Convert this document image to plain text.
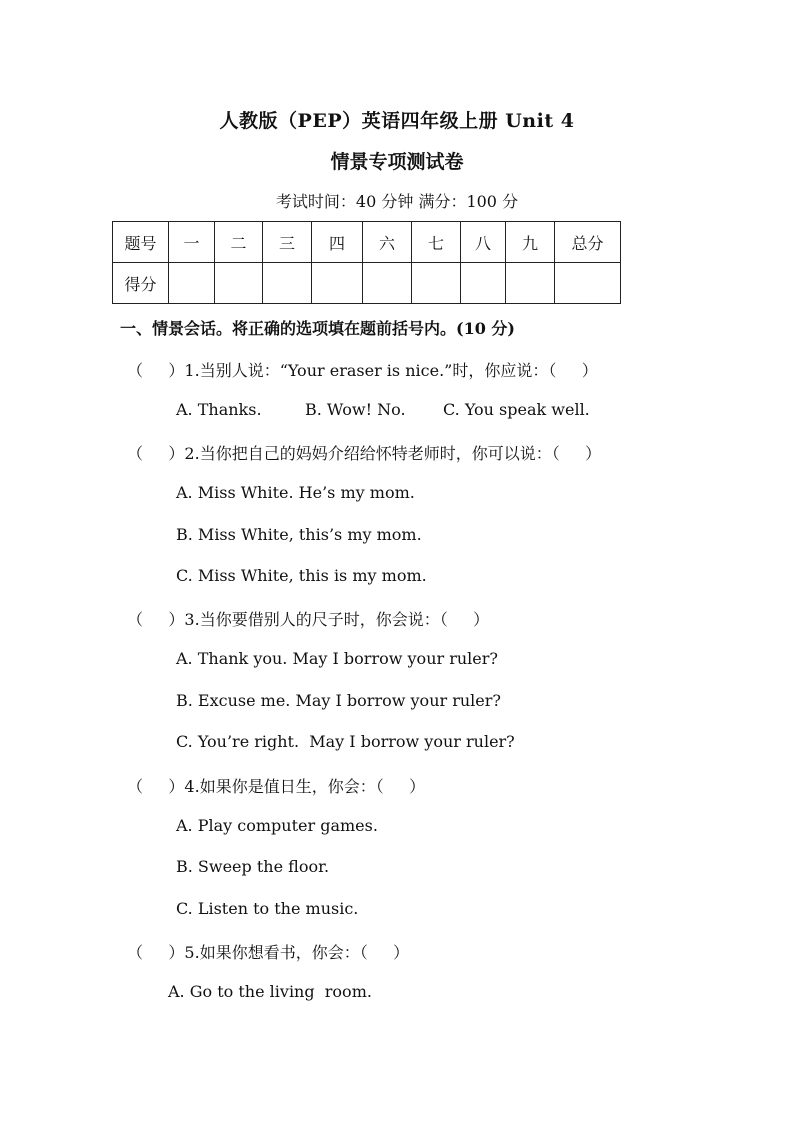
人教版（PEP）英语四年级上册 Unit 4
情景专项测试卷
考试时间：40 分钟 满分：100 分
题号	一	二	三	四	六	七	八	九	总分
得分									
一、情景会话。将正确的选项填在题前括号内。(10 分)
（     ）1.当别人说：“Your eraser is nice.”时，你应说：（     ）
A. Thanks.	B. Wow! No. C. You speak well.
（     ）2.当你把自己的妈妈介绍给怀特老师时，你可以说：（     ）
A. Miss White. He’s my mom.
B. Miss White, this’s my mom.
C. Miss White, this is my mom.
（     ）3.当你要借别人的尺子时，你会说：（     ）
A. Thank you. May I borrow your ruler?
B. Excuse me. May I borrow your ruler?
C. You’re right.  May I borrow your ruler?
（     ）4.如果你是值日生，你会：（     ）
A. Play computer games.
B. Sweep the floor.
C. Listen to the music.
（     ）5.如果你想看书，你会：（     ）
A. Go to the living  room.
